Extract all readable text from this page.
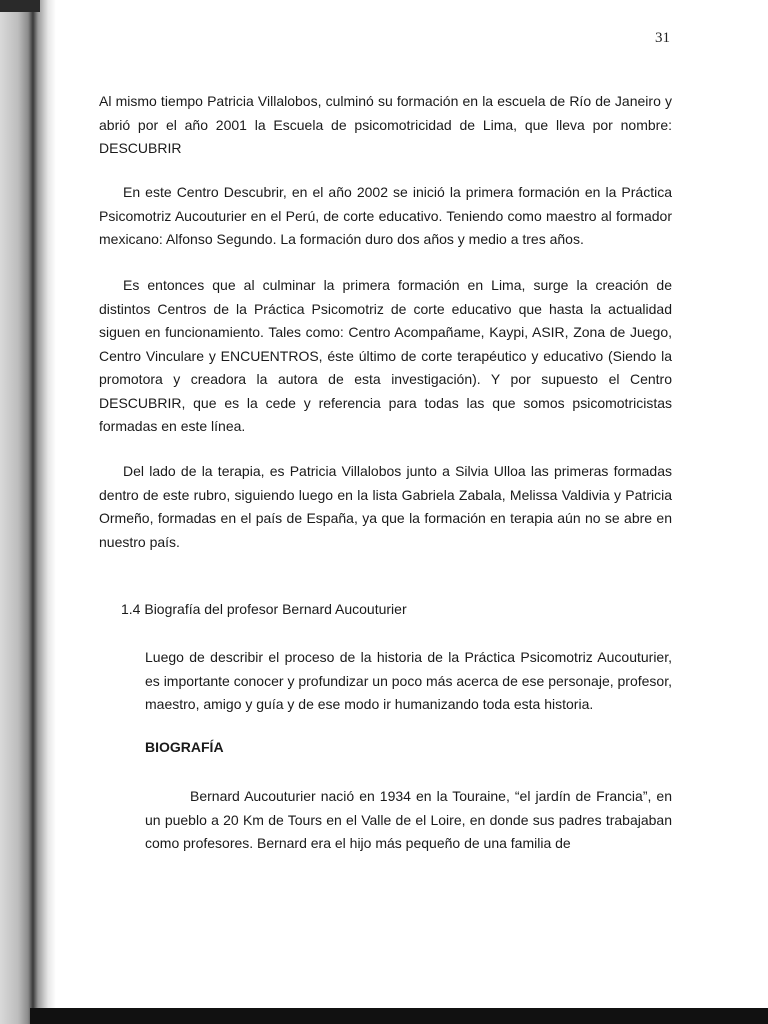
31
Al mismo tiempo Patricia Villalobos, culminó su formación en la escuela de Río de Janeiro y abrió por el año 2001 la Escuela de psicomotricidad de Lima, que lleva por nombre: DESCUBRIR
En este Centro Descubrir, en el año 2002 se inició la primera formación en la Práctica Psicomotriz Aucouturier en el Perú, de corte educativo. Teniendo como maestro al formador mexicano: Alfonso Segundo. La formación duro dos años y medio a tres años.
Es entonces que al culminar la primera formación en Lima, surge la creación de distintos Centros de la Práctica Psicomotriz de corte educativo que hasta la actualidad siguen en funcionamiento. Tales como: Centro Acompañame, Kaypi, ASIR, Zona de Juego, Centro Vinculare y ENCUENTROS, éste último de corte terapéutico y educativo (Siendo la promotora y creadora la autora de esta investigación). Y por supuesto el Centro DESCUBRIR, que es la cede y referencia para todas las que somos psicomotricistas formadas en este línea.
Del lado de la terapia, es Patricia Villalobos junto a Silvia Ulloa las primeras formadas dentro de este rubro, siguiendo luego en la lista Gabriela Zabala, Melissa Valdivia y Patricia Ormeño, formadas en el país de España, ya que la formación en terapia aún no se abre en nuestro país.
1.4 Biografía del profesor Bernard Aucouturier
Luego de describir el proceso de la historia de la Práctica Psicomotriz Aucouturier, es importante conocer y profundizar un poco más acerca de ese personaje, profesor, maestro, amigo y guía y de ese modo ir humanizando toda esta historia.
BIOGRAFÍA
Bernard Aucouturier nació en 1934 en la Touraine, “el jardín de Francia”, en un pueblo a 20 Km de Tours en el Valle de el Loire, en donde sus padres trabajaban como profesores. Bernard era el hijo más pequeño de una familia de
